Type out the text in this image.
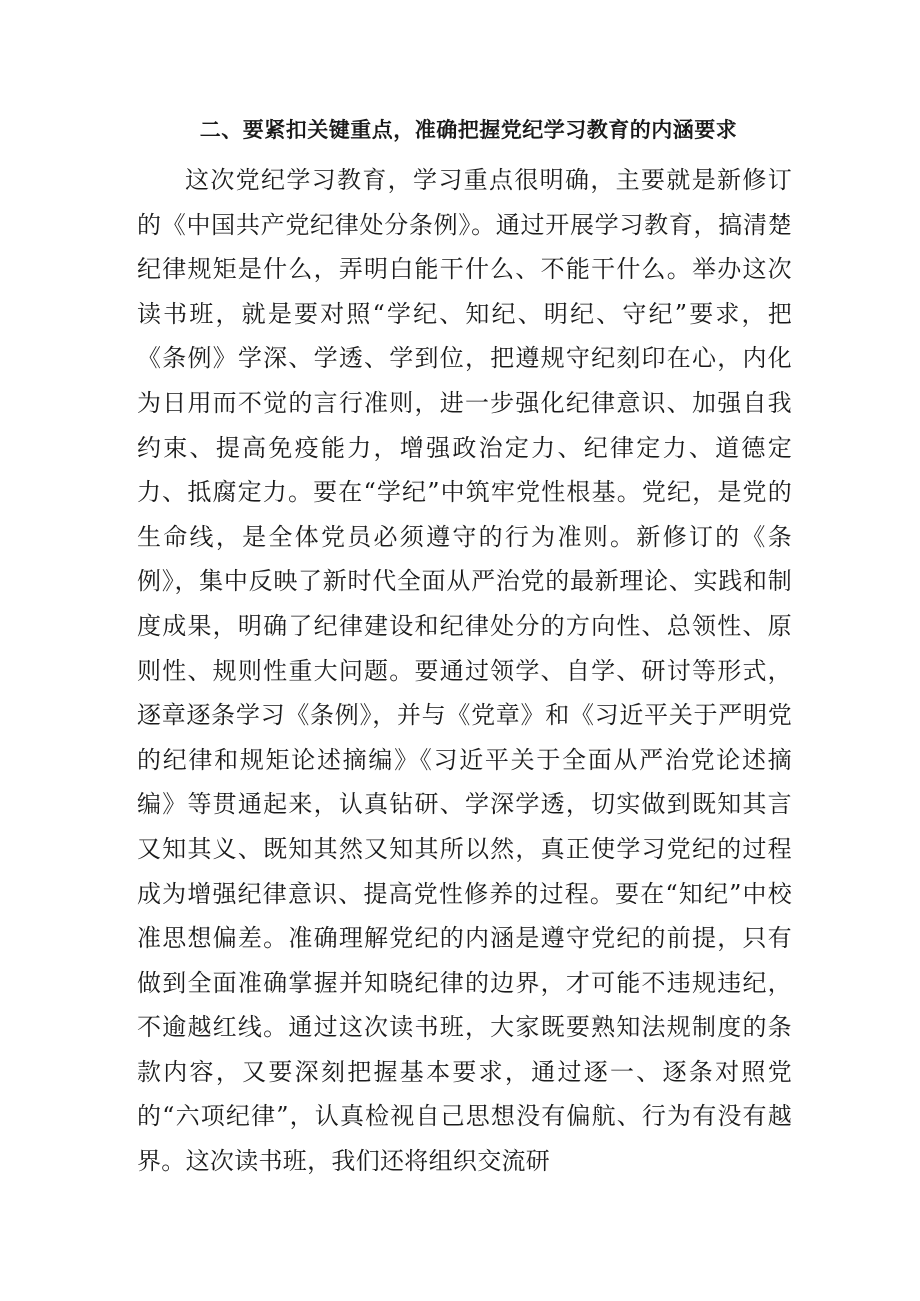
二、要紧扣关键重点，准确把握党纪学习教育的内涵要求

这次党纪学习教育，学习重点很明确，主要就是新修订的《中国共产党纪律处分条例》。通过开展学习教育，搞清楚纪律规矩是什么，弄明白能干什么、不能干什么。举办这次读书班，就是要对照“学纪、知纪、明纪、守纪”要求，把《条例》学深、学透、学到位，把遵规守纪刻印在心，内化为日用而不觉的言行准则，进一步强化纪律意识、加强自我约束、提高免疫能力，增强政治定力、纪律定力、道德定力、抵腐定力。要在“学纪”中筑牢党性根基。党纪，是党的生命线，是全体党员必须遵守的行为准则。新修订的《条例》，集中反映了新时代全面从严治党的最新理论、实践和制度成果，明确了纪律建设和纪律处分的方向性、总领性、原则性、规则性重大问题。要通过领学、自学、研讨等形式，逐章逐条学习《条例》，并与《党章》和《习近平关于严明党的纪律和规矩论述摘编》《习近平关于全面从严治党论述摘编》等贯通起来，认真钻研、学深学透，切实做到既知其言又知其义、既知其然又知其所以然，真正使学习党纪的过程成为增强纪律意识、提高党性修养的过程。要在“知纪”中校准思想偏差。准确理解党纪的内涵是遵守党纪的前提，只有做到全面准确掌握并知晓纪律的边界，才可能不违规违纪，不逾越红线。通过这次读书班，大家既要熟知法规制度的条款内容，又要深刻把握基本要求，通过逐一、逐条对照党的“六项纪律”，认真检视自己思想没有偏航、行为有没有越界。这次读书班，我们还将组织交流研
